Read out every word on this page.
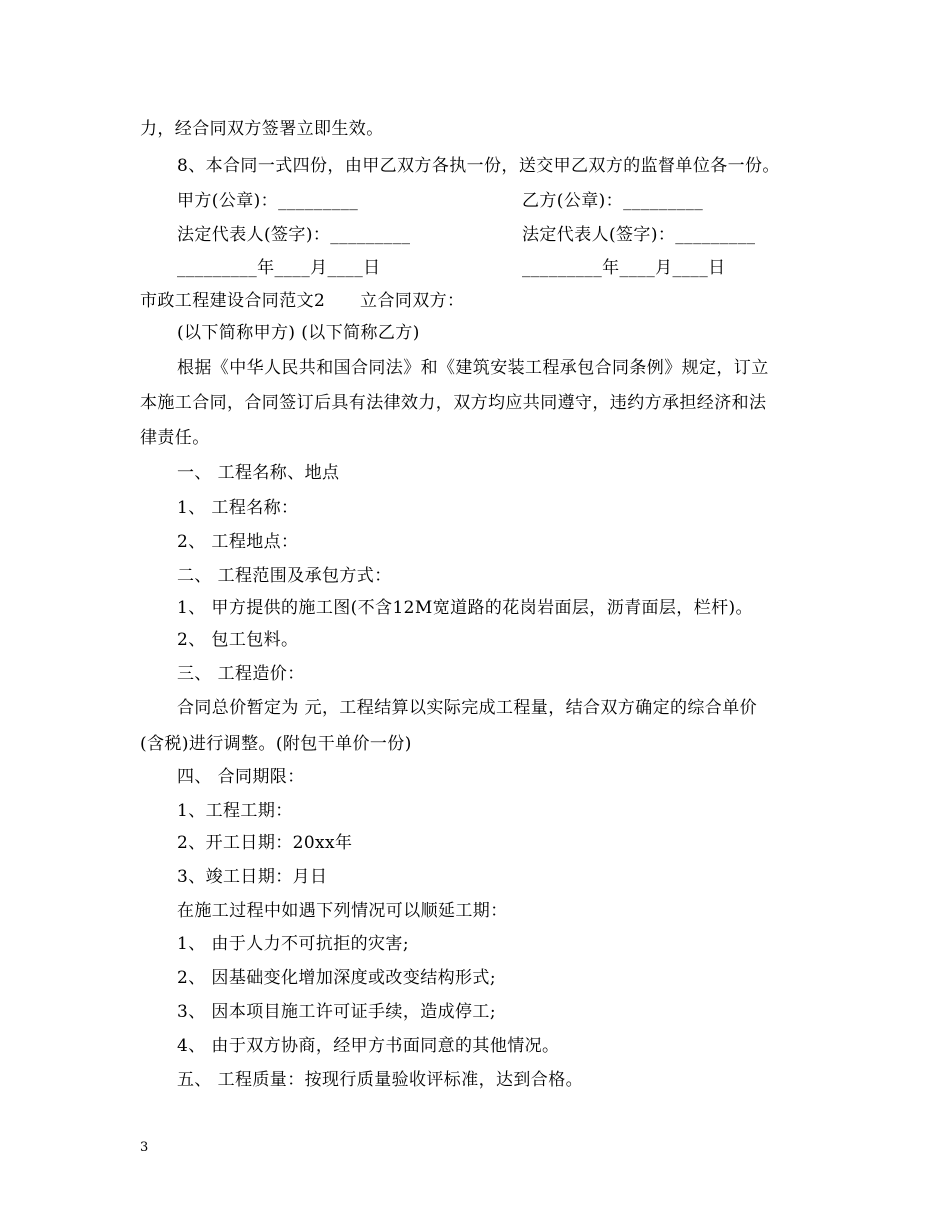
力，经合同双方签署立即生效。
8、本合同一式四份，由甲乙双方各执一份，送交甲乙双方的监督单位各一份。
甲方(公章)：_________	乙方(公章)：_________
法定代表人(签字)：_________	法定代表人(签字)：_________
_________年____月____日	_________年____月____日
市政工程建设合同范文2      立合同双方：
(以下简称甲方) (以下简称乙方)
根据《中华人民共和国合同法》和《建筑安装工程承包合同条例》规定，订立
本施工合同，合同签订后具有法律效力，双方均应共同遵守，违约方承担经济和法
律责任。
一、 工程名称、地点
1、 工程名称：
2、 工程地点：
二、 工程范围及承包方式：
1、 甲方提供的施工图(不含12M宽道路的花岗岩面层，沥青面层，栏杆)。
2、 包工包料。
三、 工程造价：
合同总价暂定为 元，工程结算以实际完成工程量，结合双方确定的综合单价
(含税)进行调整。(附包干单价一份)
四、 合同期限：
1、工程工期：
2、开工日期：20xx年
3、竣工日期：月日
在施工过程中如遇下列情况可以顺延工期：
1、 由于人力不可抗拒的灾害;
2、 因基础变化增加深度或改变结构形式;
3、 因本项目施工许可证手续，造成停工;
4、 由于双方协商，经甲方书面同意的其他情况。
五、 工程质量：按现行质量验收评标准，达到合格。
3
